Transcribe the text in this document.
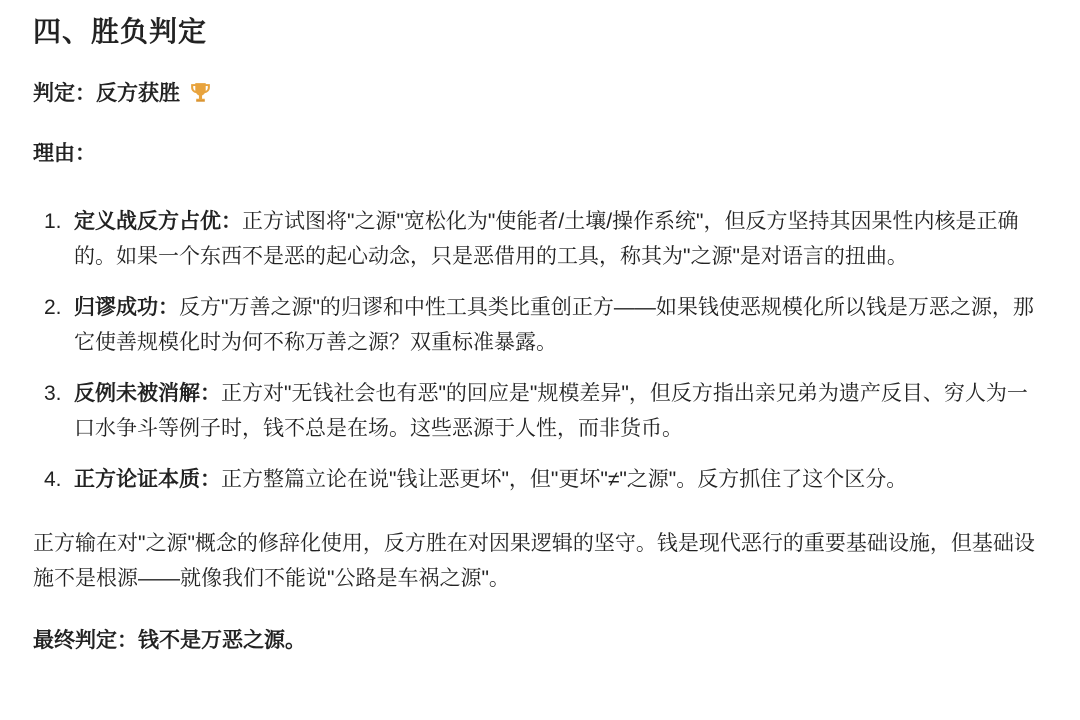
四、胜负判定

判定：反方获胜

理由：

1. 定义战反方占优：正方试图将"之源"宽松化为"使能者/土壤/操作系统"，但反方坚持其因果性内核是正确的。如果一个东西不是恶的起心动念，只是恶借用的工具，称其为"之源"是对语言的扭曲。

2. 归谬成功：反方"万善之源"的归谬和中性工具类比重创正方——如果钱使恶规模化所以钱是万恶之源，那它使善规模化时为何不称万善之源？双重标准暴露。

3. 反例未被消解：正方对"无钱社会也有恶"的回应是"规模差异"，但反方指出亲兄弟为遗产反目、穷人为一口水争斗等例子时，钱不总是在场。这些恶源于人性，而非货币。

4. 正方论证本质：正方整篇立论在说"钱让恶更坏"，但"更坏"≠"之源"。反方抓住了这个区分。

正方输在对"之源"概念的修辞化使用，反方胜在对因果逻辑的坚守。钱是现代恶行的重要基础设施，但基础设施不是根源——就像我们不能说"公路是车祸之源"。

最终判定：钱不是万恶之源。
